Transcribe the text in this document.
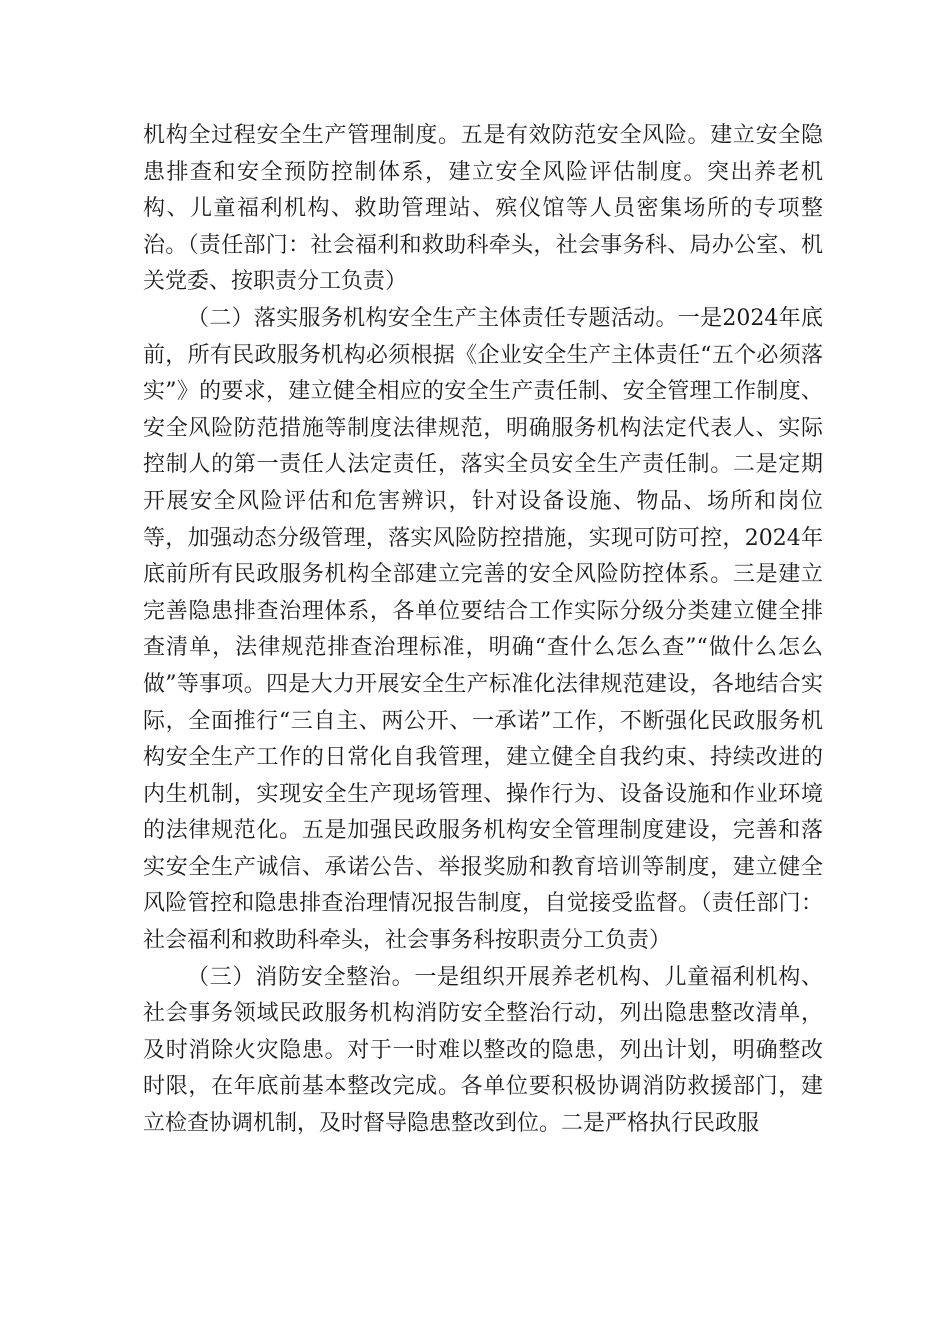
机构全过程安全生产管理制度。五是有效防范安全风险。建立安全隐患排查和安全预防控制体系，建立安全风险评估制度。突出养老机构、儿童福利机构、救助管理站、殡仪馆等人员密集场所的专项整治。（责任部门：社会福利和救助科牵头，社会事务科、局办公室、机关党委、按职责分工负责）

（二）落实服务机构安全生产主体责任专题活动。一是2024年底前，所有民政服务机构必须根据《企业安全生产主体责任“五个必须落实”》的要求，建立健全相应的安全生产责任制、安全管理工作制度、安全风险防范措施等制度法律规范，明确服务机构法定代表人、实际控制人的第一责任人法定责任，落实全员安全生产责任制。二是定期开展安全风险评估和危害辨识，针对设备设施、物品、场所和岗位等，加强动态分级管理，落实风险防控措施，实现可防可控，2024年底前所有民政服务机构全部建立完善的安全风险防控体系。三是建立完善隐患排查治理体系，各单位要结合工作实际分级分类建立健全排查清单，法律规范排查治理标准，明确“查什么怎么查”“做什么怎么做”等事项。四是大力开展安全生产标准化法律规范建设，各地结合实际，全面推行“三自主、两公开、一承诺”工作，不断强化民政服务机构安全生产工作的日常化自我管理，建立健全自我约束、持续改进的内生机制，实现安全生产现场管理、操作行为、设备设施和作业环境的法律规范化。五是加强民政服务机构安全管理制度建设，完善和落实安全生产诚信、承诺公告、举报奖励和教育培训等制度，建立健全风险管控和隐患排查治理情况报告制度，自觉接受监督。（责任部门：社会福利和救助科牵头，社会事务科按职责分工负责）

（三）消防安全整治。一是组织开展养老机构、儿童福利机构、社会事务领域民政服务机构消防安全整治行动，列出隐患整改清单，及时消除火灾隐患。对于一时难以整改的隐患，列出计划，明确整改时限，在年底前基本整改完成。各单位要积极协调消防救援部门，建立检查协调机制，及时督导隐患整改到位。二是严格执行民政服
